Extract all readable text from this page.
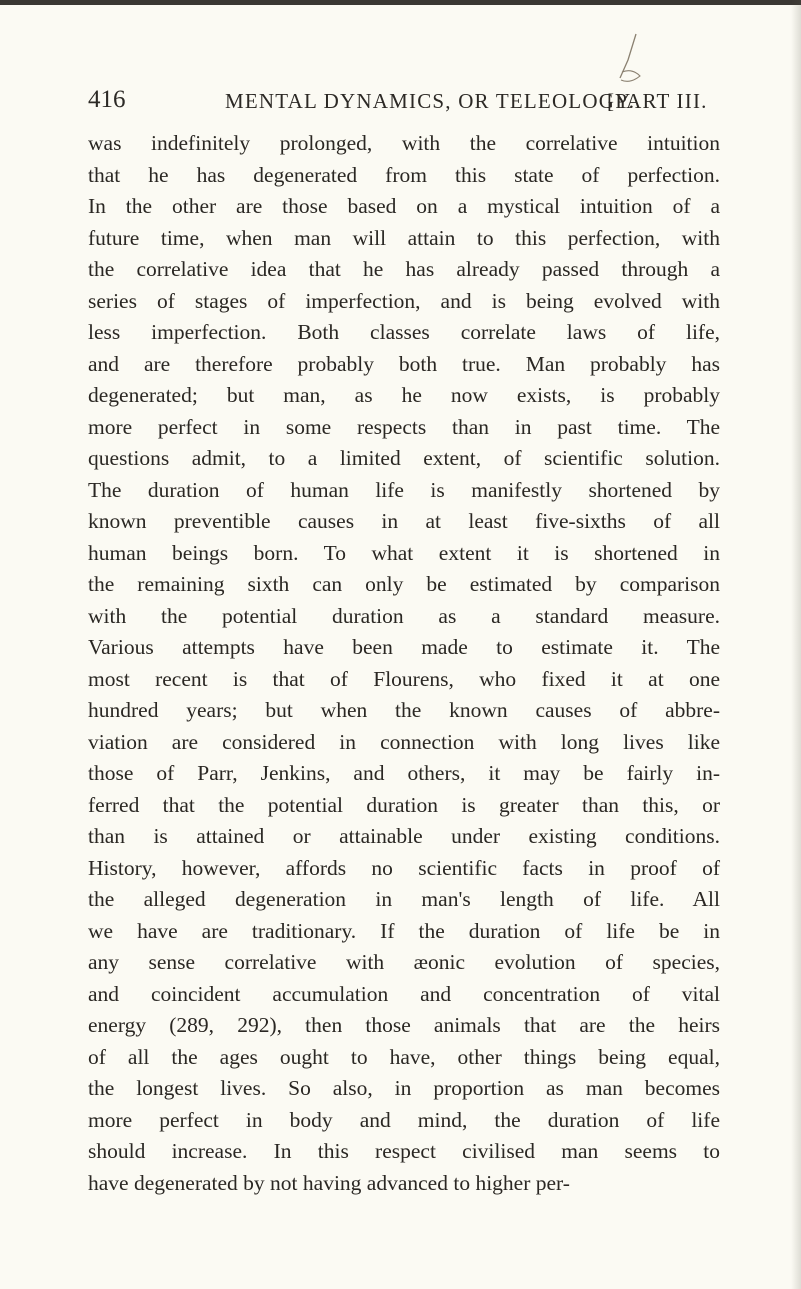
416	MENTAL DYNAMICS, OR TELEOLOGY.
[PART III.
was indefinitely prolonged, with the correlative intuition
that he has degenerated from this state of perfection.
In the other are those based on a mystical intuition of a
future time, when man will attain to this perfection, with
the correlative idea that he has already passed through a
series of stages of imperfection, and is being evolved with
less imperfection. Both classes correlate laws of life,
and are therefore probably both true. Man probably has
degenerated; but man, as he now exists, is probably
more perfect in some respects than in past time. The
questions admit, to a limited extent, of scientific solution.
The duration of human life is manifestly shortened by
known preventible causes in at least five-sixths of all
human beings born. To what extent it is shortened in
the remaining sixth can only be estimated by comparison
with the potential duration as a standard measure.
Various attempts have been made to estimate it. The
most recent is that of Flourens, who fixed it at one
hundred years; but when the known causes of abbre-
viation are considered in connection with long lives like
those of Parr, Jenkins, and others, it may be fairly in-
ferred that the potential duration is greater than this, or
than is attained or attainable under existing conditions.
History, however, affords no scientific facts in proof of
the alleged degeneration in man's length of life. All
we have are traditionary. If the duration of life be in
any sense correlative with æonic evolution of species,
and coincident accumulation and concentration of vital
energy (289, 292), then those animals that are the heirs
of all the ages ought to have, other things being equal,
the longest lives. So also, in proportion as man becomes
more perfect in body and mind, the duration of life
should increase. In this respect civilised man seems to
have degenerated by not having advanced to higher per-
